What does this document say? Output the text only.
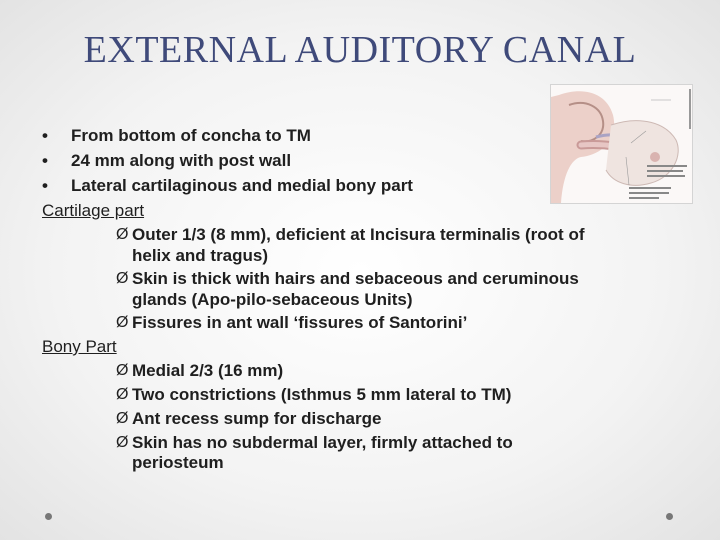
EXTERNAL AUDITORY CANAL
•	From bottom of concha to TM
•	24 mm along with post wall
•	Lateral cartilaginous and medial bony part
Cartilage part
Ø Outer 1/3 (8 mm), deficient at Incisura terminalis (root of
helix and tragus)
Ø Skin is thick with hairs and sebaceous and ceruminous
glands (Apo-pilo-sebaceous Units)
Ø Fissures in ant wall ‘fissures of Santorini’
Bony Part
Ø Medial 2/3 (16 mm)
Ø Two constrictions (Isthmus 5 mm lateral to TM)
Ø Ant recess sump for discharge
Ø Skin has no subdermal layer, firmly attached to
periosteum
